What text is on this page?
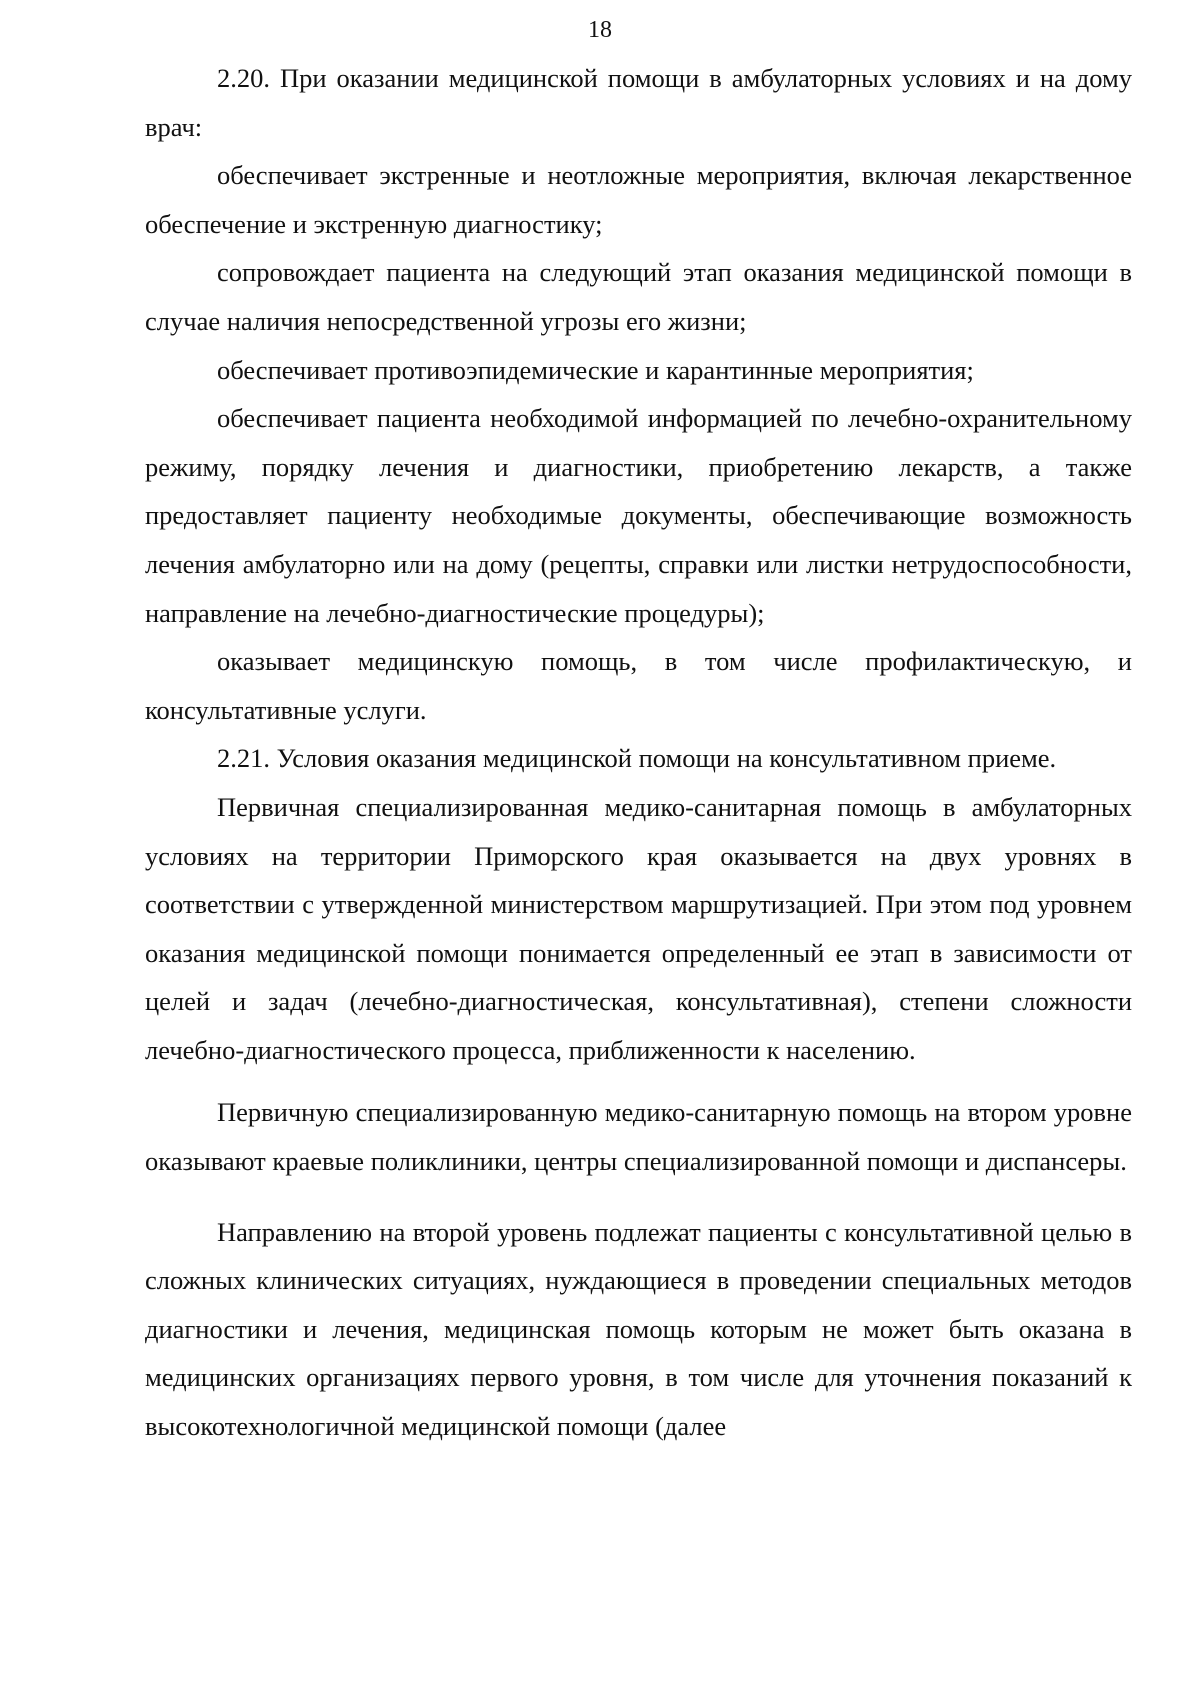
18

2.20. При оказании медицинской помощи в амбулаторных условиях и на дому врач:

обеспечивает экстренные и неотложные мероприятия, включая лекарственное обеспечение и экстренную диагностику;

сопровождает пациента на следующий этап оказания медицинской помощи в случае наличия непосредственной угрозы его жизни;

обеспечивает противоэпидемические и карантинные мероприятия;

обеспечивает пациента необходимой информацией по лечебно-охранительному режиму, порядку лечения и диагностики, приобретению лекарств, а также предоставляет пациенту необходимые документы, обеспечивающие возможность лечения амбулаторно или на дому (рецепты, справки или листки нетрудоспособности, направление на лечебно-диагностические процедуры);

оказывает медицинскую помощь, в том числе профилактическую, и консультативные услуги.

2.21. Условия оказания медицинской помощи на консультативном приеме.

Первичная специализированная медико-санитарная помощь в амбулаторных условиях на территории Приморского края оказывается на двух уровнях в соответствии с утвержденной министерством маршрутизацией. При этом под уровнем оказания медицинской помощи понимается определенный ее этап в зависимости от целей и задач (лечебно-диагностическая, консультативная), степени сложности лечебно-диагностического процесса, приближенности к населению.

Первичную специализированную медико-санитарную помощь на втором уровне оказывают краевые поликлиники, центры специализированной помощи и диспансеры.

Направлению на второй уровень подлежат пациенты с консультативной целью в сложных клинических ситуациях, нуждающиеся в проведении специальных методов диагностики и лечения, медицинская помощь которым не может быть оказана в медицинских организациях первого уровня, в том числе для уточнения показаний к высокотехнологичной медицинской помощи (далее
